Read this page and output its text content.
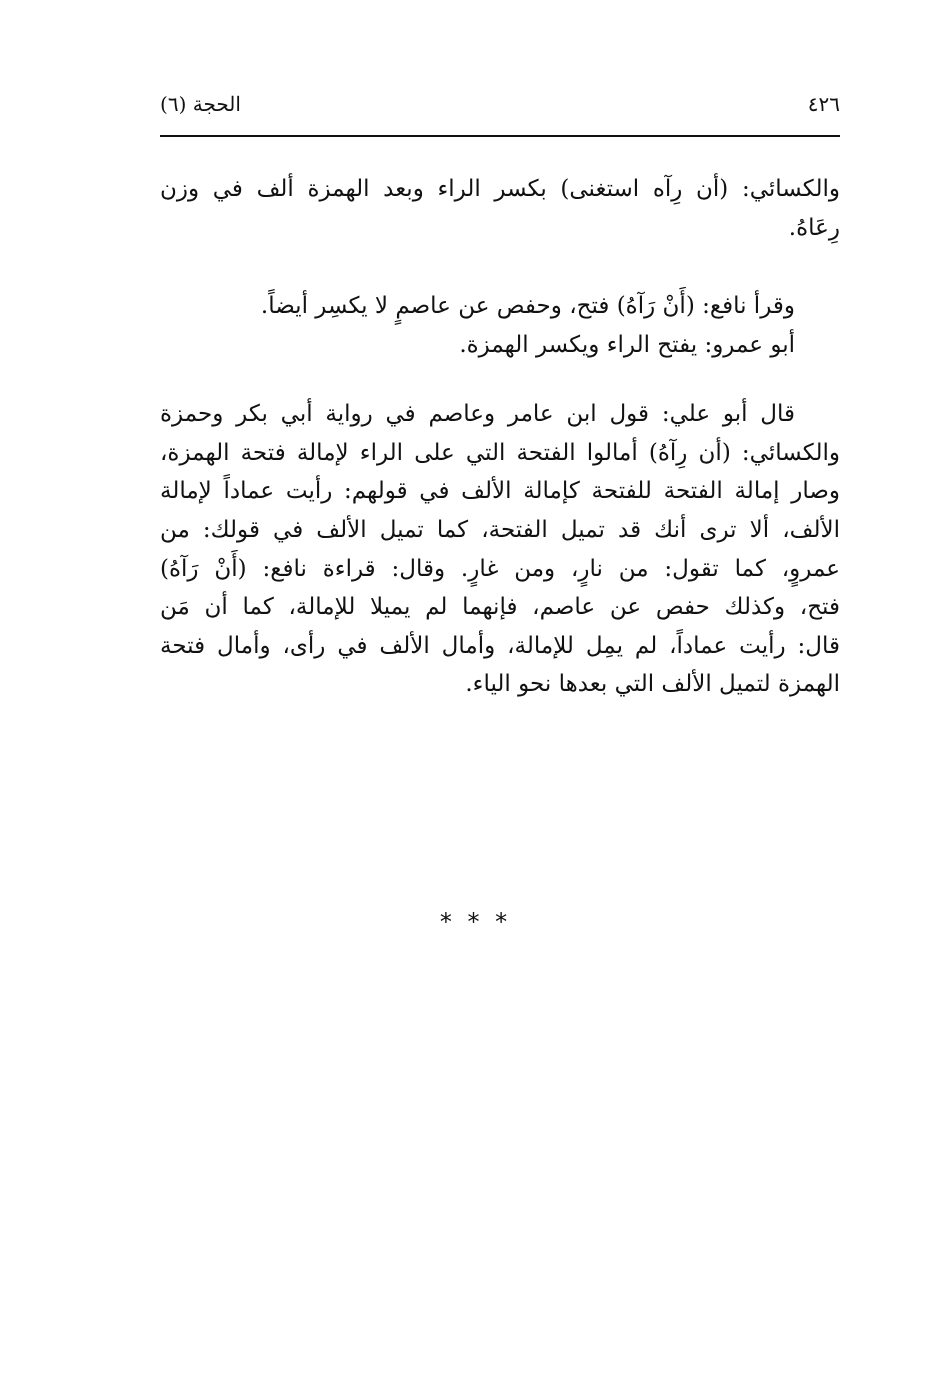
٤٢٦
الحجة (٦)
والكسائي: (أن رِآه استغنى) بكسر الراء وبعد الهمزة ألف في وزن
رِعَاهُ.
وقرأ نافع: (أَنْ رَآهُ) فتح، وحفص عن عاصمٍ لا يكسِر أيضاً.
أبو عمرو: يفتح الراء ويكسر الهمزة.
قال أبو علي: قول ابن عامر وعاصم في رواية أبي بكر وحمزة
والكسائي: (أن رِآهُ) أمالوا الفتحة التي على الراء لإمالة فتحة الهمزة،
وصار إمالة الفتحة للفتحة كإمالة الألف في قولهم: رأيت عماداً لإمالة
الألف، ألا ترى أنك قد تميل الفتحة، كما تميل الألف في قولك: من
عمروٍ، كما تقول: من نارٍ، ومن غارٍ. وقال: قراءة نافع: (أَنْ رَآهُ)
فتح، وكذلك حفص عن عاصم، فإنهما لم يميلا للإمالة، كما أن مَن
قال: رأيت عماداً، لم يمِل للإمالة، وأمال الألف في رأى، وأمال فتحة
الهمزة لتميل الألف التي بعدها نحو الياء.
* * *
